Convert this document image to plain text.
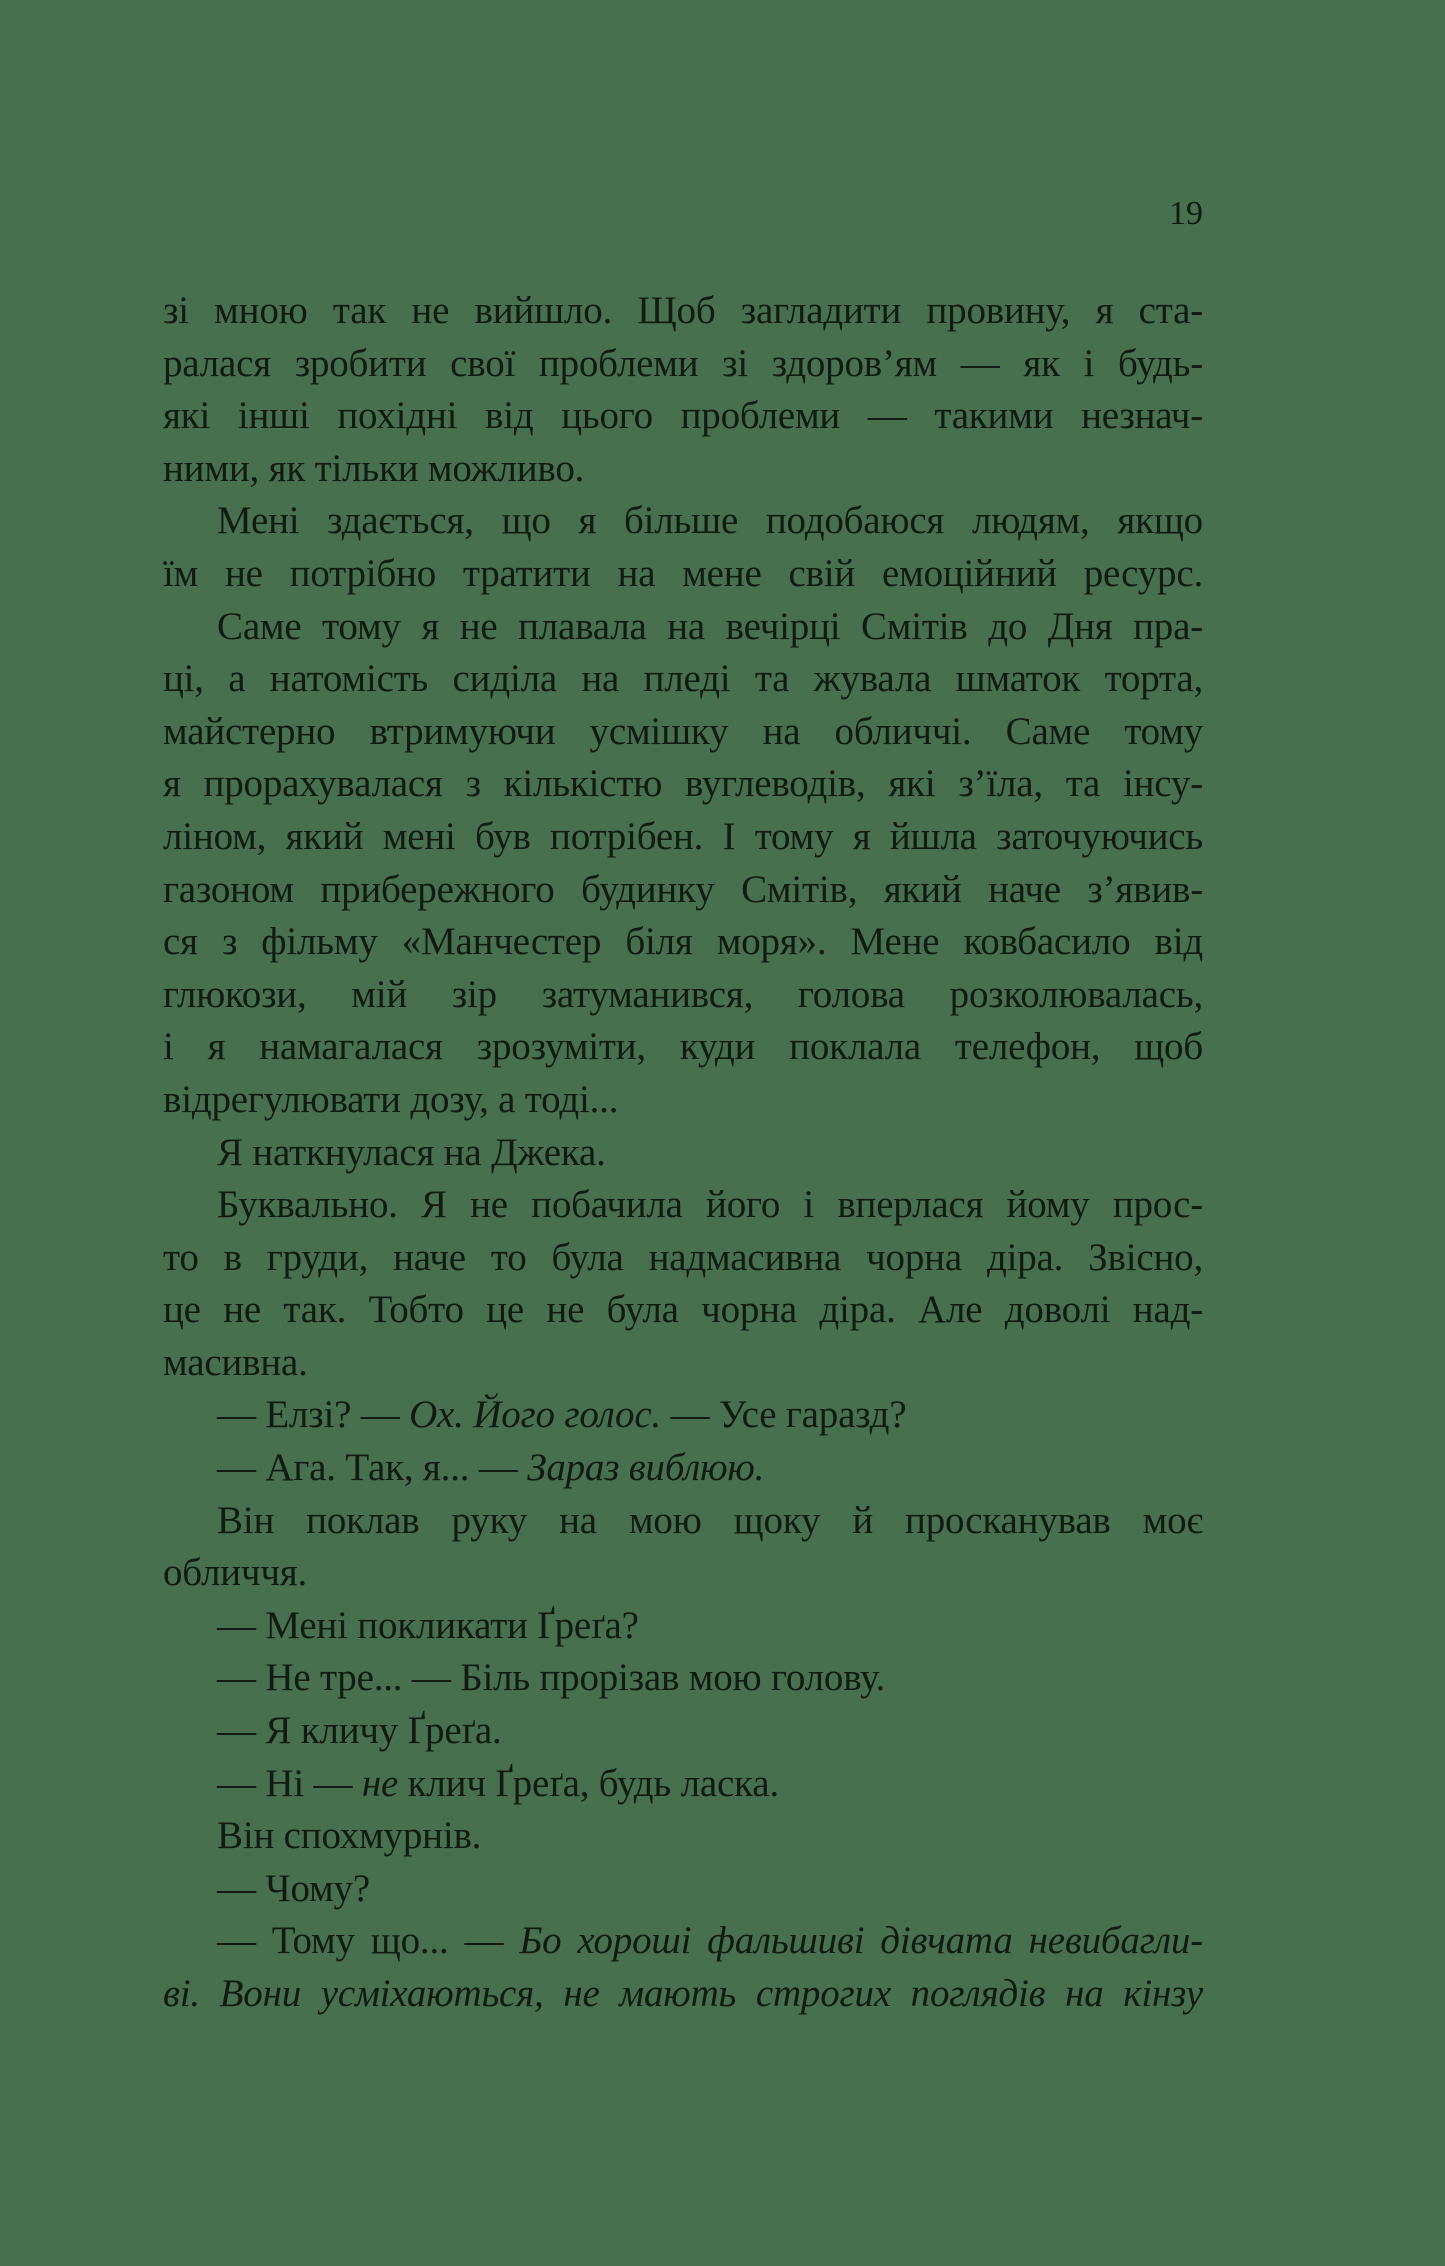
19
зі мною так не вийшло. Щоб загладити провину, я ста-
ралася зробити свої проблеми зі здоров’ям — як і будь-
які інші похідні від цього проблеми — такими незнач-
ними, як тільки можливо.
Мені здається, що я більше подобаюся людям, якщо
їм не потрібно тратити на мене свій емоційний ресурс.
Саме тому я не плавала на вечірці Смітів до Дня пра-
ці, а натомість сиділа на пледі та жувала шматок торта,
майстерно втримуючи усмішку на обличчі. Саме тому
я прорахувалася з кількістю вуглеводів, які з’їла, та інсу-
ліном, який мені був потрібен. І тому я йшла заточуючись
газоном прибережного будинку Смітів, який наче з’явив-
ся з фільму «Манчестер біля моря». Мене ковбасило від
глюкози, мій зір затуманився, голова розколювалась,
і я намагалася зрозуміти, куди поклала телефон, щоб
відрегулювати дозу, а тоді...
Я наткнулася на Джека.
Буквально. Я не побачила його і вперлася йому прос-
то в груди, наче то була надмасивна чорна діра. Звісно,
це не так. Тобто це не була чорна діра. Але доволі над-
масивна.
— Елзі? — Ох. Його голос. — Усе гаразд?
— Ага. Так, я... — Зараз виблюю.
Він поклав руку на мою щоку й просканував моє
обличчя.
— Мені покликати Ґреґа?
— Не тре... — Біль прорізав мою голову.
— Я кличу Ґреґа.
— Ні — не клич Ґреґа, будь ласка.
Він спохмурнів.
— Чому?
— Тому що... — Бо хороші фальшиві дівчата невибагли-
ві. Вони усміхаються, не мають строгих поглядів на кінзу
